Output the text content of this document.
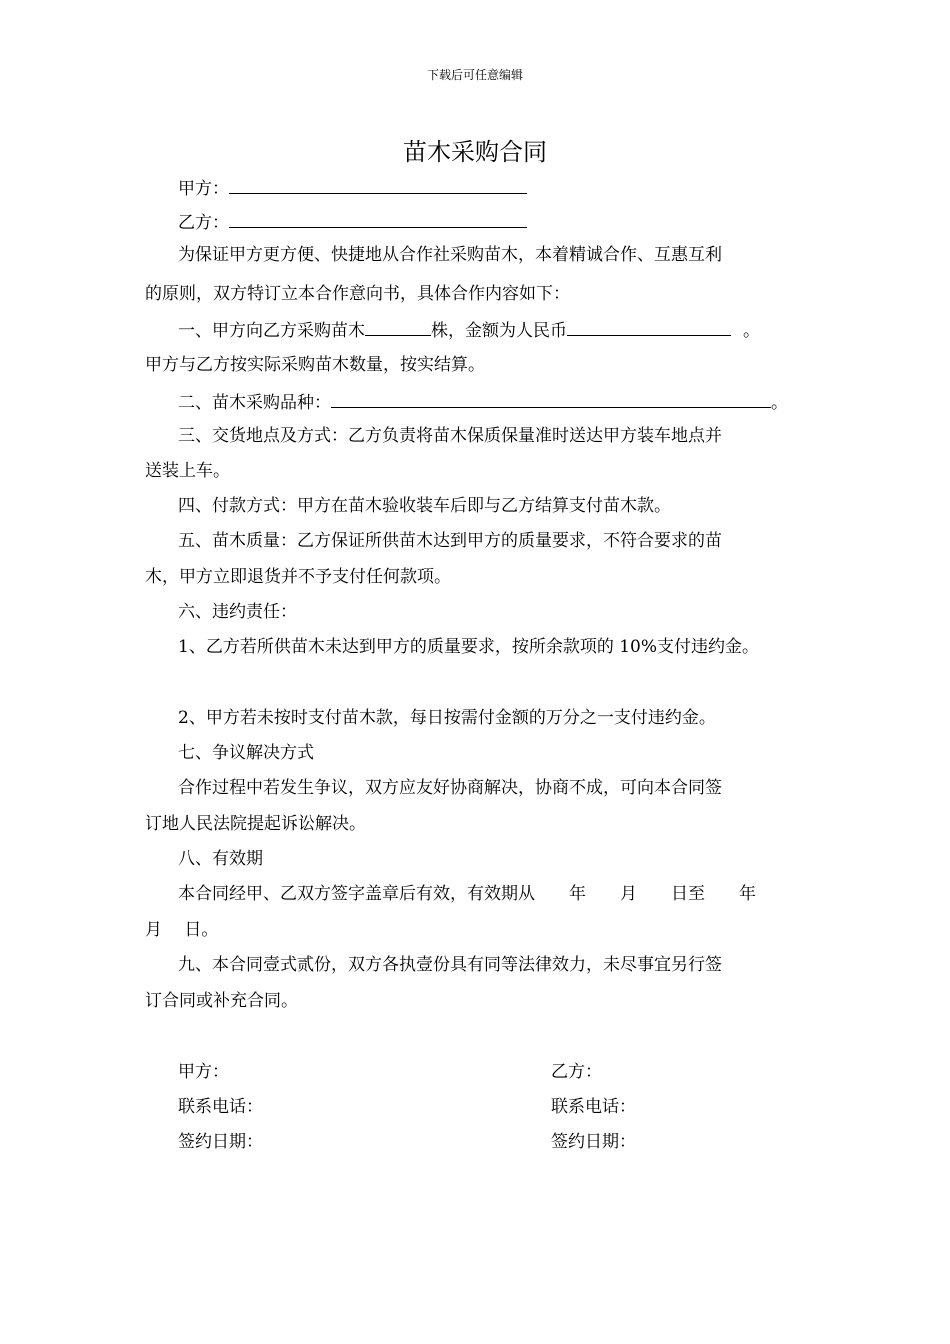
下载后可任意编辑
苗木采购合同
甲方：
乙方：
为保证甲方更方便、快捷地从合作社采购苗木，本着精诚合作、互惠互利
的原则，双方特订立本合作意向书，具体合作内容如下：
一、甲方向乙方采购苗木	株，金额为人民币	。
甲方与乙方按实际采购苗木数量，按实结算。
二、苗木采购品种：	。
三、交货地点及方式：乙方负责将苗木保质保量准时送达甲方装车地点并
送装上车。
四、付款方式：甲方在苗木验收装车后即与乙方结算支付苗木款。
五、苗木质量：乙方保证所供苗木达到甲方的质量要求，不符合要求的苗
木，甲方立即退货并不予支付任何款项。
六、违约责任：
1、乙方若所供苗木未达到甲方的质量要求，按所余款项的 10%支付违约金。
2、甲方若未按时支付苗木款，每日按需付金额的万分之一支付违约金。
七、争议解决方式
合作过程中若发生争议，双方应友好协商解决，协商不成，可向本合同签
订地人民法院提起诉讼解决。
八、有效期
本合同经甲、乙双方签字盖章后有效，有效期从　　年　　月　　日至　　年
月　 日。
九、本合同壹式贰份，双方各执壹份具有同等法律效力，未尽事宜另行签
订合同或补充合同。
甲方：	乙方：
联系电话：	联系电话：
签约日期：	签约日期：
